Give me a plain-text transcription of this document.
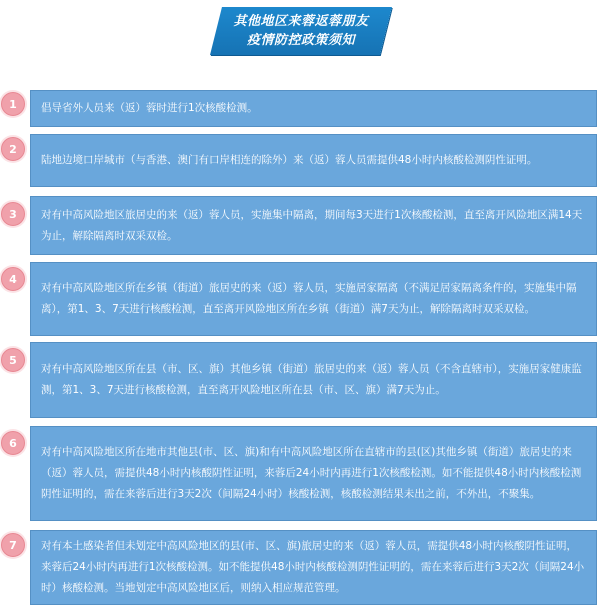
其他地区来蓉返蓉朋友
疫情防控政策须知
1	倡导省外人员来（返）蓉时进行1次核酸检测。
2
陆地边境口岸城市（与香港、澳门有口岸相连的除外）来（返）蓉人员需提供48小时内核酸检测阴性证明。
3	对有中高风险地区旅居史的来（返）蓉人员，实施集中隔离，期间每3天进行1次核酸检测，直至离开风险地区满14天为止，解除隔离时双采双检。
4
对有中高风险地区所在乡镇（街道）旅居史的来（返）蓉人员，实施居家隔离（不满足居家隔离条件的，实施集中隔离），第1、3、7天进行核酸检测，直至离开风险地区所在乡镇（街道）满7天为止，解除隔离时双采双检。
5
对有中高风险地区所在县（市、区、旗）其他乡镇（街道）旅居史的来（返）蓉人员（不含直辖市），实施居家健康监测，第1、3、7天进行核酸检测，直至离开风险地区所在县（市、区、旗）满7天为止。
6
对有中高风险地区所在地市其他县(市、区、旗)和有中高风险地区所在直辖市的县(区)其他乡镇（街道）旅居史的来（返）蓉人员，需提供48小时内核酸阴性证明，来蓉后24小时内再进行1次核酸检测。如不能提供48小时内核酸检测阴性证明的，需在来蓉后进行3天2次（间隔24小时）核酸检测，核酸检测结果未出之前，不外出，不聚集。
7	对有本土感染者但未划定中高风险地区的县(市、区、旗)旅居史的来（返）蓉人员，需提供48小时内核酸阴性证明，来蓉后24小时内再进行1次核酸检测。如不能提供48小时内核酸检测阴性证明的，需在来蓉后进行3天2次（间隔24小时）核酸检测。当地划定中高风险地区后，则纳入相应规范管理。
